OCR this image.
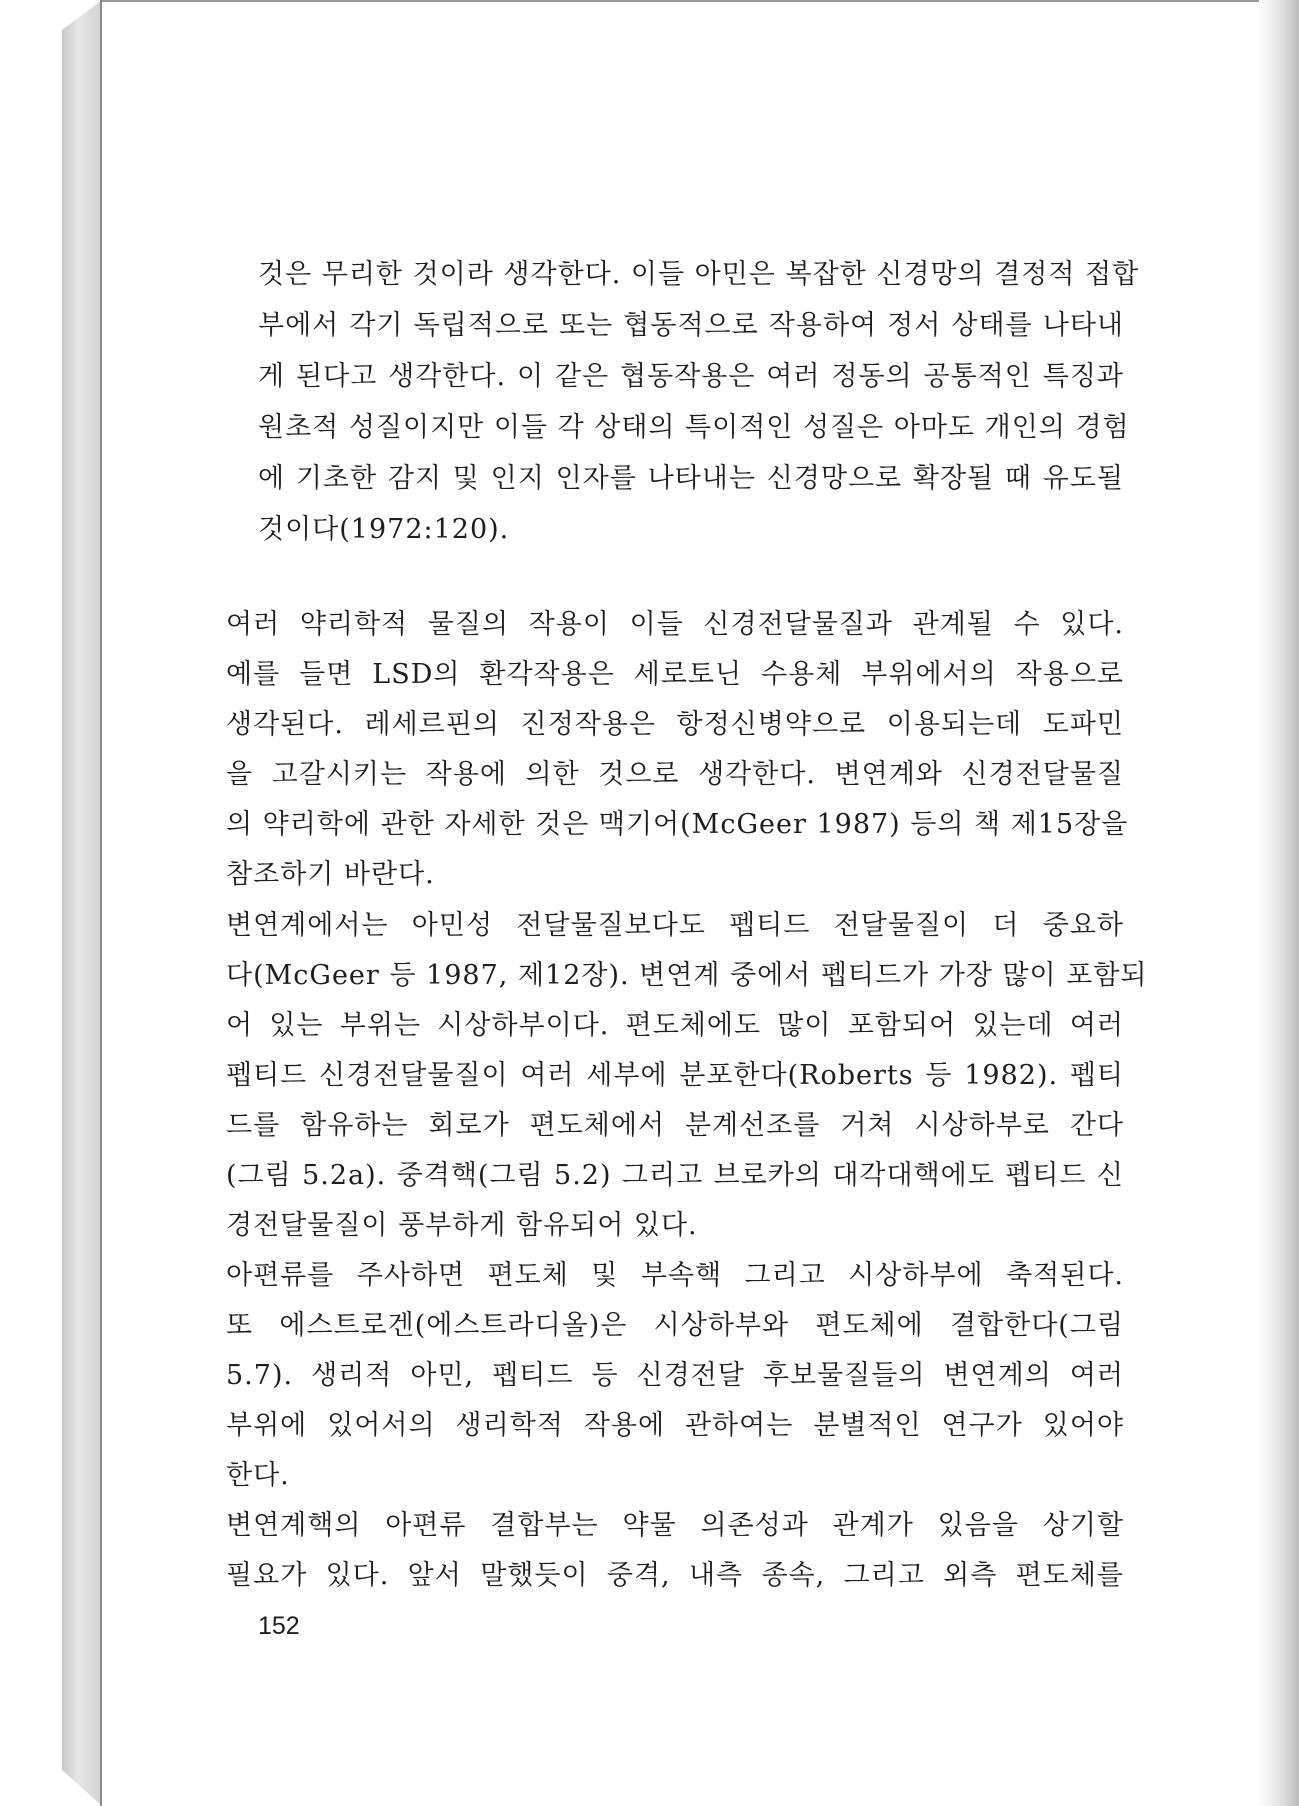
것은 무리한 것이라 생각한다. 이들 아민은 복잡한 신경망의 결정적 접합
부에서 각기 독립적으로 또는 협동적으로 작용하여 정서 상태를 나타내
게 된다고 생각한다. 이 같은 협동작용은 여러 정동의 공통적인 특징과
원초적 성질이지만 이들 각 상태의 특이적인 성질은 아마도 개인의 경험
에 기초한 감지 및 인지 인자를 나타내는 신경망으로 확장될 때 유도될
것이다(1972:120).
여러 약리학적 물질의 작용이 이들 신경전달물질과 관계될 수 있다.
예를 들면 LSD의 환각작용은 세로토닌 수용체 부위에서의 작용으로
생각된다. 레세르핀의 진정작용은 항정신병약으로 이용되는데 도파민
을 고갈시키는 작용에 의한 것으로 생각한다. 변연계와 신경전달물질
의 약리학에 관한 자세한 것은 맥기어(McGeer 1987) 등의 책 제15장을
참조하기 바란다.
변연계에서는 아민성 전달물질보다도 펩티드 전달물질이 더 중요하
다(McGeer 등 1987, 제12장). 변연계 중에서 펩티드가 가장 많이 포함되
어 있는 부위는 시상하부이다. 편도체에도 많이 포함되어 있는데 여러
펩티드 신경전달물질이 여러 세부에 분포한다(Roberts 등 1982). 펩티
드를 함유하는 회로가 편도체에서 분계선조를 거쳐 시상하부로 간다
(그림 5.2a). 중격핵(그림 5.2) 그리고 브로카의 대각대핵에도 펩티드 신
경전달물질이 풍부하게 함유되어 있다.
아편류를 주사하면 편도체 및 부속핵 그리고 시상하부에 축적된다.
또 에스트로겐(에스트라디올)은 시상하부와 편도체에 결합한다(그림
5.7). 생리적 아민, 펩티드 등 신경전달 후보물질들의 변연계의 여러
부위에 있어서의 생리학적 작용에 관하여는 분별적인 연구가 있어야
한다.
변연계핵의 아편류 결합부는 약물 의존성과 관계가 있음을 상기할
필요가 있다. 앞서 말했듯이 중격, 내측 종속, 그리고 외측 편도체를
152
